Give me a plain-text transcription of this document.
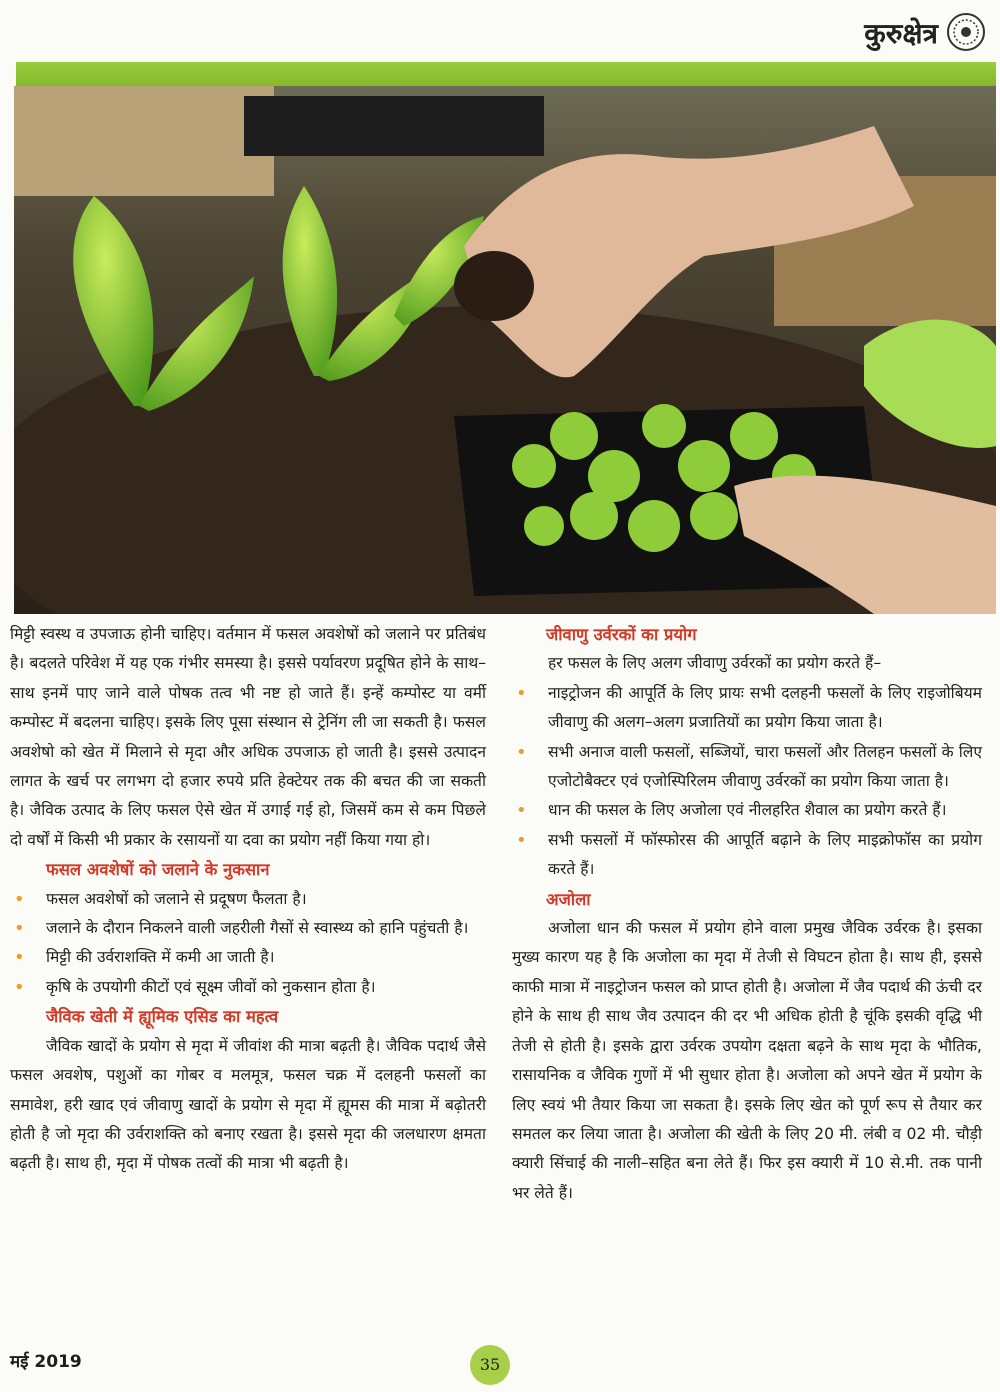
कुरुक्षेत्र

मिट्टी स्वस्थ व उपजाऊ होनी चाहिए। वर्तमान में फसल अवशेषों को जलाने पर प्रतिबंध है। बदलते परिवेश में यह एक गंभीर समस्या है। इससे पर्यावरण प्रदूषित होने के साथ–साथ इनमें पाए जाने वाले पोषक तत्व भी नष्ट हो जाते हैं। इन्हें कम्पोस्ट या वर्मी कम्पोस्ट में बदलना चाहिए। इसके लिए पूसा संस्थान से ट्रेनिंग ली जा सकती है। फसल अवशेषो को खेत में मिलाने से मृदा और अधिक उपजाऊ हो जाती है। इससे उत्पादन लागत के खर्च पर लगभग दो हजार रुपये प्रति हेक्टेयर तक की बचत की जा सकती है। जैविक उत्पाद के लिए फसल ऐसे खेत में उगाई गई हो, जिसमें कम से कम पिछले दो वर्षों में किसी भी प्रकार के रसायनों या दवा का प्रयोग नहीं किया गया हो।

फसल अवशेषों को जलाने के नुकसान
• फसल अवशेषों को जलाने से प्रदूषण फैलता है।
• जलाने के दौरान निकलने वाली जहरीली गैसों से स्वास्थ्य को हानि पहुंचती है।
• मिट्टी की उर्वराशक्ति में कमी आ जाती है।
• कृषि के उपयोगी कीटों एवं सूक्ष्म जीवों को नुकसान होता है।
जैविक खेती में ह्यूमिक एसिड का महत्व

जैविक खादों के प्रयोग से मृदा में जीवांश की मात्रा बढ़ती है। जैविक पदार्थ जैसे फसल अवशेष, पशुओं का गोबर व मलमूत्र, फसल चक्र में दलहनी फसलों का समावेश, हरी खाद एवं जीवाणु खादों के प्रयोग से मृदा में ह्यूमस की मात्रा में बढ़ोतरी होती है जो मृदा की उर्वराशक्ति को बनाए रखता है। इससे मृदा की जलधारण क्षमता बढ़ती है। साथ ही, मृदा में पोषक तत्वों की मात्रा भी बढ़ती है।

जीवाणु उर्वरकों का प्रयोग

हर फसल के लिए अलग जीवाणु उर्वरकों का प्रयोग करते हैं–

• नाइट्रोजन की आपूर्ति के लिए प्रायः सभी दलहनी फसलों के लिए राइजोबियम जीवाणु की अलग–अलग प्रजातियों का प्रयोग किया जाता है।
• सभी अनाज वाली फसलों, सब्जियों, चारा फसलों और तिलहन फसलों के लिए एजोटोबैक्टर एवं एजोस्पिरिलम जीवाणु उर्वरकों का प्रयोग किया जाता है।
• धान की फसल के लिए अजोला एवं नीलहरित शैवाल का प्रयोग करते हैं।
• सभी फसलों में फॉस्फोरस की आपूर्ति बढ़ाने के लिए माइक्रोफॉस का प्रयोग करते हैं।
अजोला

अजोला धान की फसल में प्रयोग होने वाला प्रमुख जैविक उर्वरक है। इसका मुख्य कारण यह है कि अजोला का मृदा में तेजी से विघटन होता है। साथ ही, इससे काफी मात्रा में नाइट्रोजन फसल को प्राप्त होती है। अजोला में जैव पदार्थ की ऊंची दर होने के साथ ही साथ जैव उत्पादन की दर भी अधिक होती है चूंकि इसकी वृद्धि भी तेजी से होती है। इसके द्वारा उर्वरक उपयोग दक्षता बढ़ने के साथ मृदा के भौतिक, रासायनिक व जैविक गुणों में भी सुधार होता है। अजोला को अपने खेत में प्रयोग के लिए स्वयं भी तैयार किया जा सकता है। इसके लिए खेत को पूर्ण रूप से तैयार कर समतल कर लिया जाता है। अजोला की खेती के लिए 20 मी. लंबी व 02 मी. चौड़ी क्यारी सिंचाई की नाली–सहित बना लेते हैं। फिर इस क्यारी में 10 से.मी. तक पानी भर लेते हैं।

मई 2019	35
